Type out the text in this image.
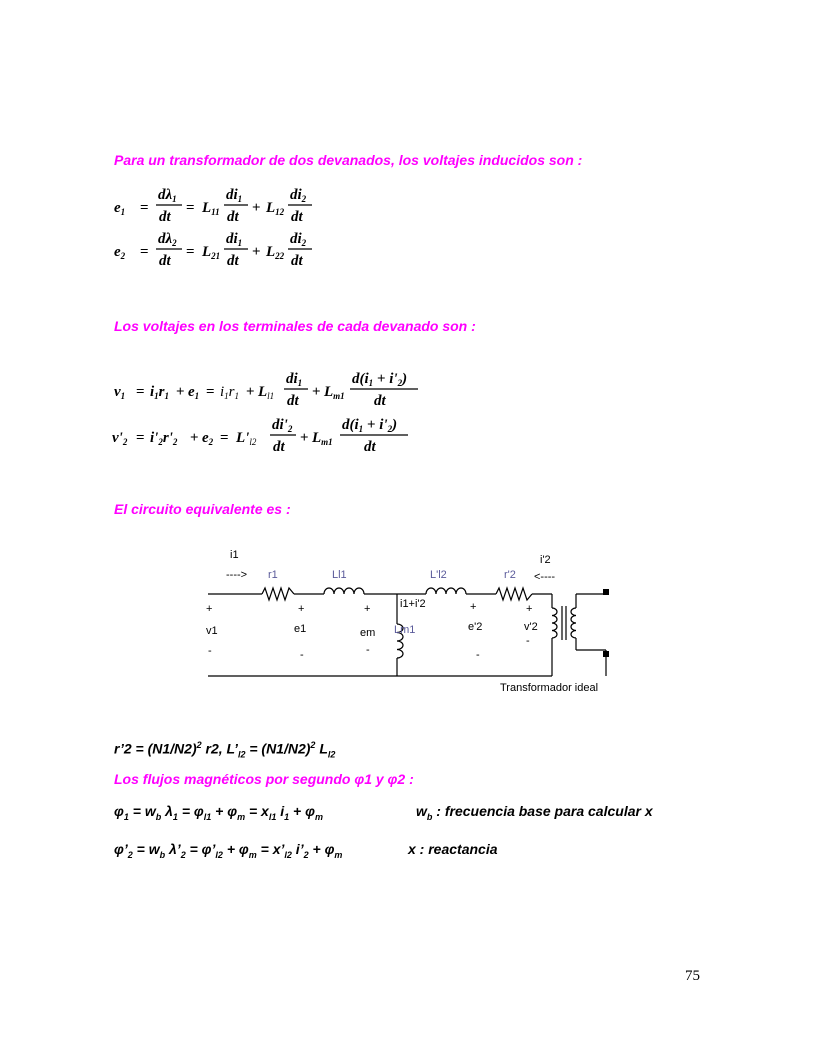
Para un transformador de dos devanados, los voltajes inducidos son :
$e_1$ =
$d\lambda_1$
dt
= $L_{11}$
$di_1$
dt
+ $L_{12}$
$di_2$
dt
$e_2$ =
$d\lambda_2$
dt
= $L_{21}$
$di_1$
dt
+ $L_{22}$
$di_2$
dt
Los voltajes en los terminales de cada devanado son :
$v_1 = i_1r_1 + e_1 = i_1r_1 + L_{l1}$
$di_1$
dt
+ $L_{m1}$
$d(i_1 + i'_2)$
dt
$v'_2 = i'_2r'_2 + e_2 = L'_{l2}$
$di'_2$
dt
+ $L_{m1}$
$d(i_1 + i'_2)$
dt
El circuito equivalente es :
i1
----> r1	Ll1	L'l2	r'2
i'2
<----
i1+i'2
Lm1
+
v1
-
+
e1
-
+
em
-
+
e'2
-
+
v'2
-
Transformador ideal
r’2 = $(N1/N2)^2$ r2, $L’_{l2} = (N1/N2)^2$ $L_{l2}$
Los flujos magnéticos por segundo φ1 y φ2 :
$\varphi_1 = w_b$ $\lambda_1 = \varphi_{l1} + \varphi_m = x_{l1}$ $i_1 + \varphi_m$	$w_b$ : frecuencia base para calcular x
$\varphi’_2 = w_b$ $\lambda’_2$ = $\varphi’_{l2} + \varphi_m$ = $x’_{l2}$ $i’_2 + \varphi_m$	x : reactancia
75
